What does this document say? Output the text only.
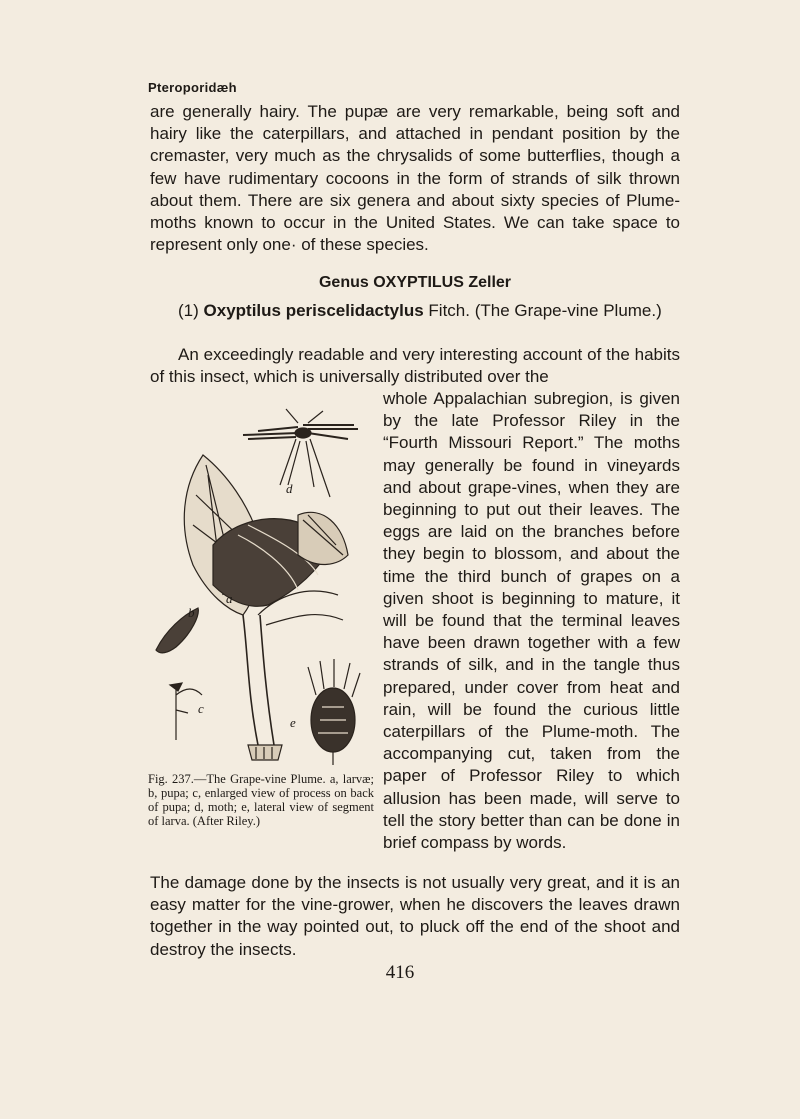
Pteroporidæh

are generally hairy. The pupæ are very remarkable, being soft and hairy like the caterpillars, and attached in pendant position by the cremaster, very much as the chrysalids of some butterflies, though a few have rudimentary cocoons in the form of strands of silk thrown about them. There are six genera and about sixty species of Plume-moths known to occur in the United States. We can take space to represent only one· of these species.

Genus OXYPTILUS Zeller

(1) Oxyptilus periscelidactylus Fitch. (The Grape-vine Plume.)

An exceedingly readable and very interesting account of the habits of this insect, which is universally distributed over the

whole Appalachian subregion, is given by the late Professor Riley in the “Fourth Missouri Report.” The moths may generally be found in vineyards and about grape-vines, when they are beginning to put out their leaves. The eggs are laid on the branches before they begin to blossom, and about the time the third bunch of grapes on a given shoot is beginning to mature, it will be found that the terminal leaves have been drawn together with a few strands of silk, and in the tangle thus prepared, under cover from heat and rain, will be found the curious little caterpillars of the Plume-moth. The accompanying cut, taken from the paper of Professor Riley to which allusion has been made, will serve to tell the story better than can be done in brief compass by words.

a
b
c
d
e
Fig. 237.—The Grape-vine Plume. a, larvæ; b, pupa; c, enlarged view of process on back of pupa; d, moth; e, lateral view of segment of larva. (After Riley.)

The damage done by the insects is not usually very great, and it is an easy matter for the vine-grower, when he discovers the leaves drawn together in the way pointed out, to pluck off the end of the shoot and destroy the insects.

416
